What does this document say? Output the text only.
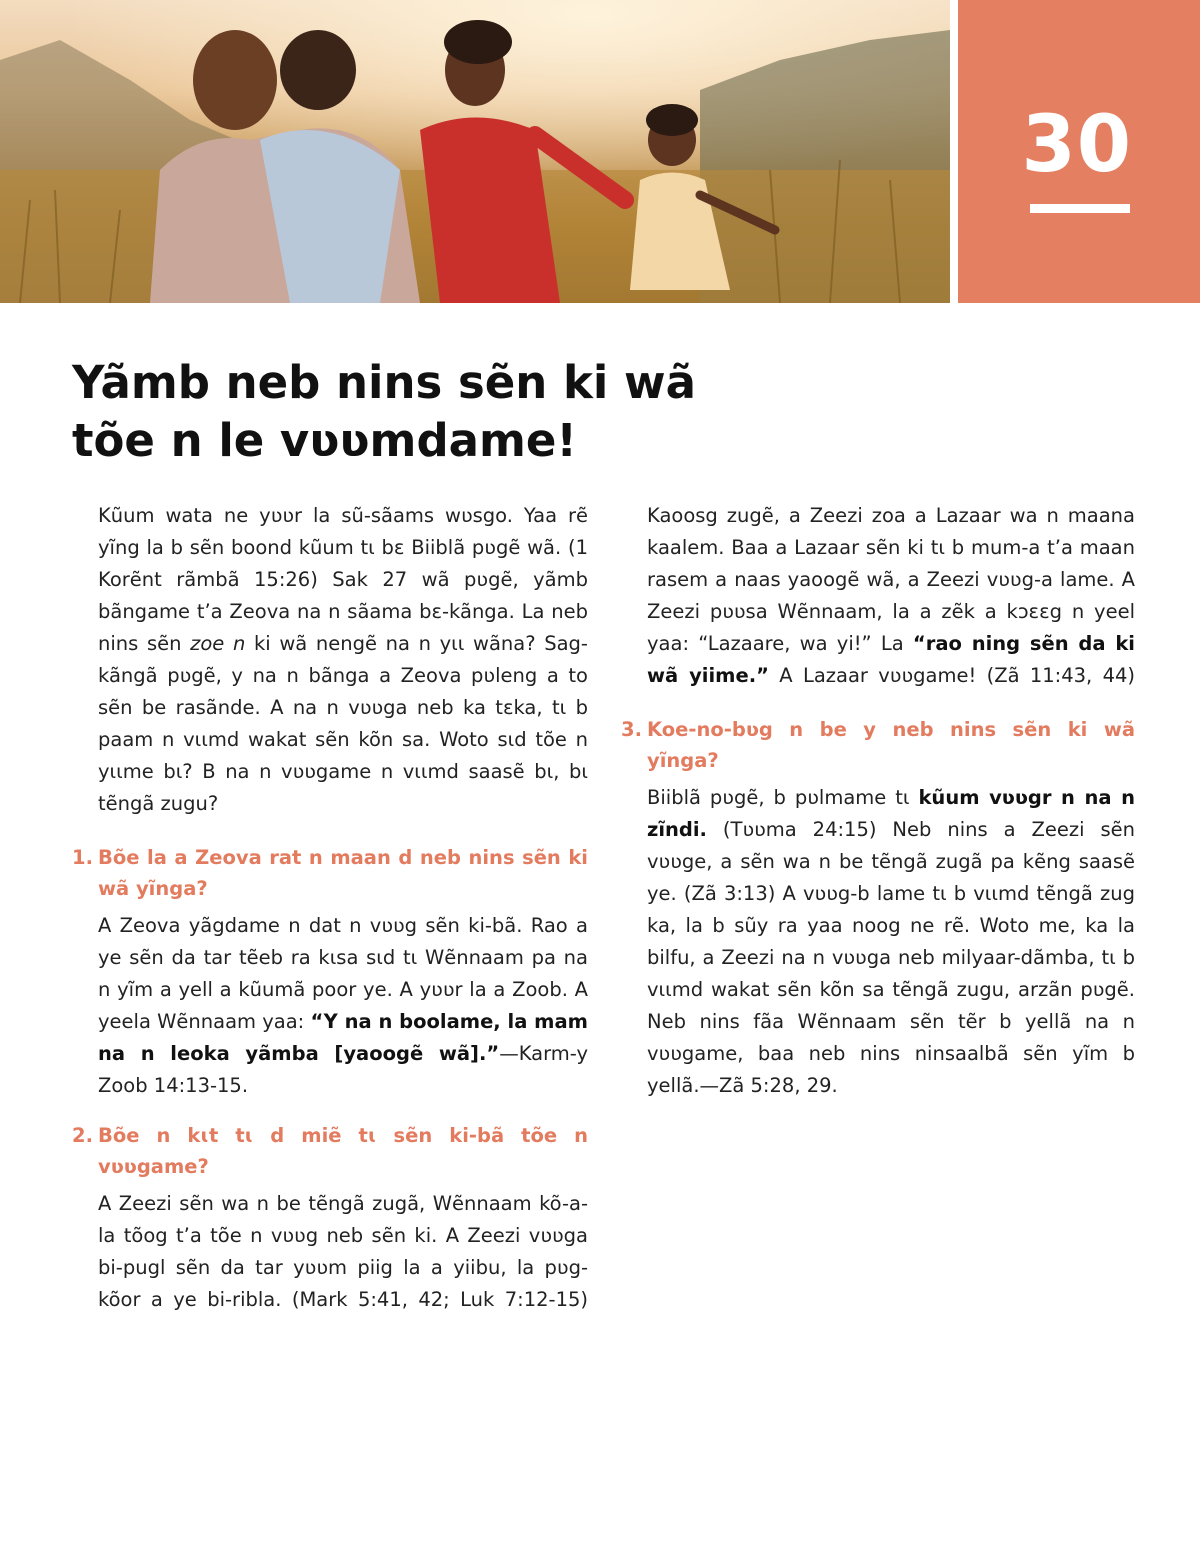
30
Yãmb neb nins sẽn ki wã
tõe n le vʋʋmdame!

Kũum wata ne yʋʋr la sũ-sãams wʋsgo. Yaa rẽ yĩng la b sẽn boond kũum tɩ bɛ Biiblã pʋgẽ wã. (1 Korẽnt rãmbã 15:26) Sak 27 wã pʋgẽ, yãmb bãngame t’a Zeova na n sãama bɛ-kãnga. La neb nins sẽn zoe n ki wã nengẽ na n yɩɩ wãna? Sag-kãngã pʋgẽ, y na n bãnga a Zeova pʋleng a to sẽn be rasãnde. A na n vʋʋga neb ka tɛka, tɩ b paam n vɩɩmd wakat sẽn kõn sa. Woto sɩd tõe n yɩɩme bɩ? B na n vʋʋgame n vɩɩmd saasẽ bɩ, bɩ tẽngã zugu?

1. Bõe la a Zeova rat n maan d neb nins sẽn ki wã yĩnga?

A Zeova yãgdame n dat n vʋʋg sẽn ki-bã. Rao a ye sẽn da tar tẽeb ra kɩsa sɩd tɩ Wẽnnaam pa na n yĩm a yell a kũumã poor ye. A yʋʋr la a Zoob. A yeela Wẽnnaam yaa: “Y na n boolame, la mam na n leoka yãmba [yaoogẽ wã].”—Karm-y Zoob 14:13-15.

2. Bõe n kɩt tɩ d miẽ tɩ sẽn ki-bã tõe n vʋʋgame?

A Zeezi sẽn wa n be tẽngã zugã, Wẽnnaam kõ-a-la tõog t’a tõe n vʋʋg neb sẽn ki. A Zeezi vʋʋga bi-pugl sẽn da tar yʋʋm piig la a yiibu, la pʋg-kõor a ye bi-ribla. (Mark 5:41, 42; Luk 7:12-15)

Kaoosg zugẽ, a Zeezi zoa a Lazaar wa n maana kaalem. Baa a Lazaar sẽn ki tɩ b mum-a t’a maan rasem a naas yaoogẽ wã, a Zeezi vʋʋg-a lame. A Zeezi pʋʋsa Wẽnnaam, la a zẽk a kɔɛɛg n yeel yaa: “Lazaare, wa yi!” La “rao ning sẽn da ki wã yiime.” A Lazaar vʋʋgame! (Zã 11:43, 44)

3. Koe-no-bʋg n be y neb nins sẽn ki wã yĩnga?

Biiblã pʋgẽ, b pʋlmame tɩ kũum vʋʋgr n na n zĩndi. (Tʋʋma 24:15) Neb nins a Zeezi sẽn vʋʋge, a sẽn wa n be tẽngã zugã pa kẽng saasẽ ye. (Zã 3:13) A vʋʋg-b lame tɩ b vɩɩmd tẽngã zug ka, la b sũy ra yaa noog ne rẽ. Woto me, ka la bilfu, a Zeezi na n vʋʋga neb milyaar-dãmba, tɩ b vɩɩmd wakat sẽn kõn sa tẽngã zugu, arzãn pʋgẽ. Neb nins fãa Wẽnnaam sẽn tẽr b yellã na n vʋʋgame, baa neb nins ninsaalbã sẽn yĩm b yellã.—Zã 5:28, 29.
